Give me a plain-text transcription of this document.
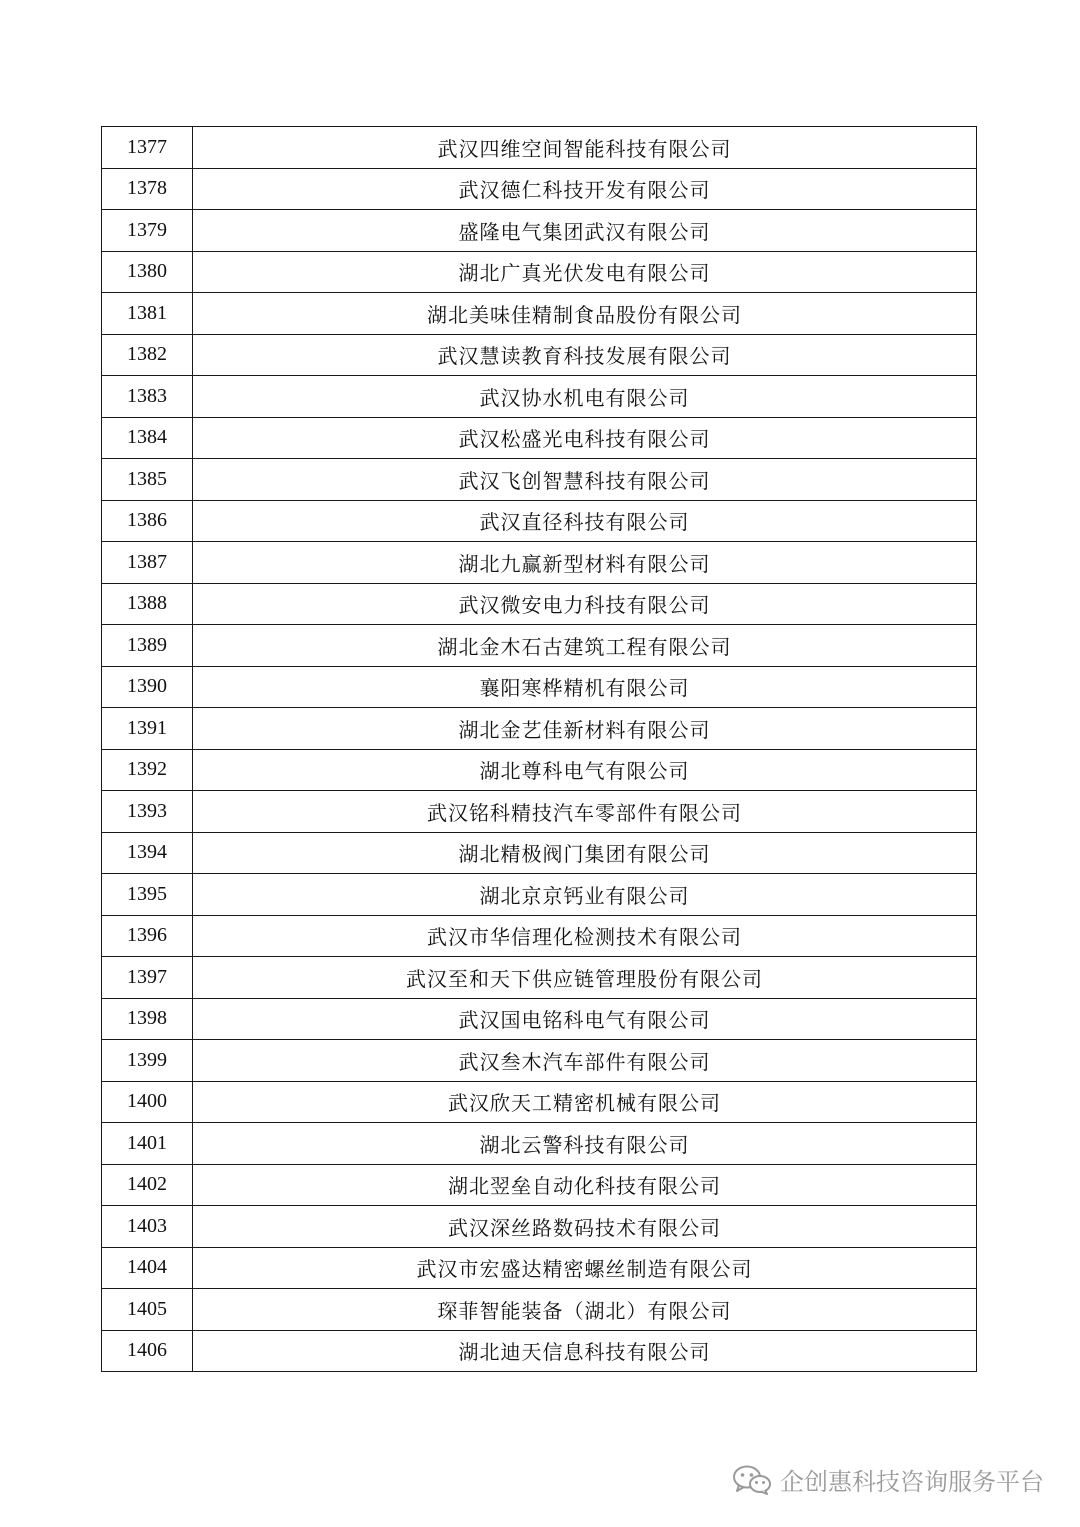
1377	武汉四维空间智能科技有限公司
1378	武汉德仁科技开发有限公司
1379	盛隆电气集团武汉有限公司
1380	湖北广真光伏发电有限公司
1381	湖北美味佳精制食品股份有限公司
1382	武汉慧读教育科技发展有限公司
1383	武汉协水机电有限公司
1384	武汉松盛光电科技有限公司
1385	武汉飞创智慧科技有限公司
1386	武汉直径科技有限公司
1387	湖北九赢新型材料有限公司
1388	武汉微安电力科技有限公司
1389	湖北金木石古建筑工程有限公司
1390	襄阳寒桦精机有限公司
1391	湖北金艺佳新材料有限公司
1392	湖北尊科电气有限公司
1393	武汉铭科精技汽车零部件有限公司
1394	湖北精极阀门集团有限公司
1395	湖北京京钙业有限公司
1396	武汉市华信理化检测技术有限公司
1397	武汉至和天下供应链管理股份有限公司
1398	武汉国电铭科电气有限公司
1399	武汉叁木汽车部件有限公司
1400	武汉欣天工精密机械有限公司
1401	湖北云警科技有限公司
1402	湖北翌垒自动化科技有限公司
1403	武汉深丝路数码技术有限公司
1404	武汉市宏盛达精密螺丝制造有限公司
1405	琛菲智能装备（湖北）有限公司
1406	湖北迪天信息科技有限公司
企创惠科技咨询服务平台
